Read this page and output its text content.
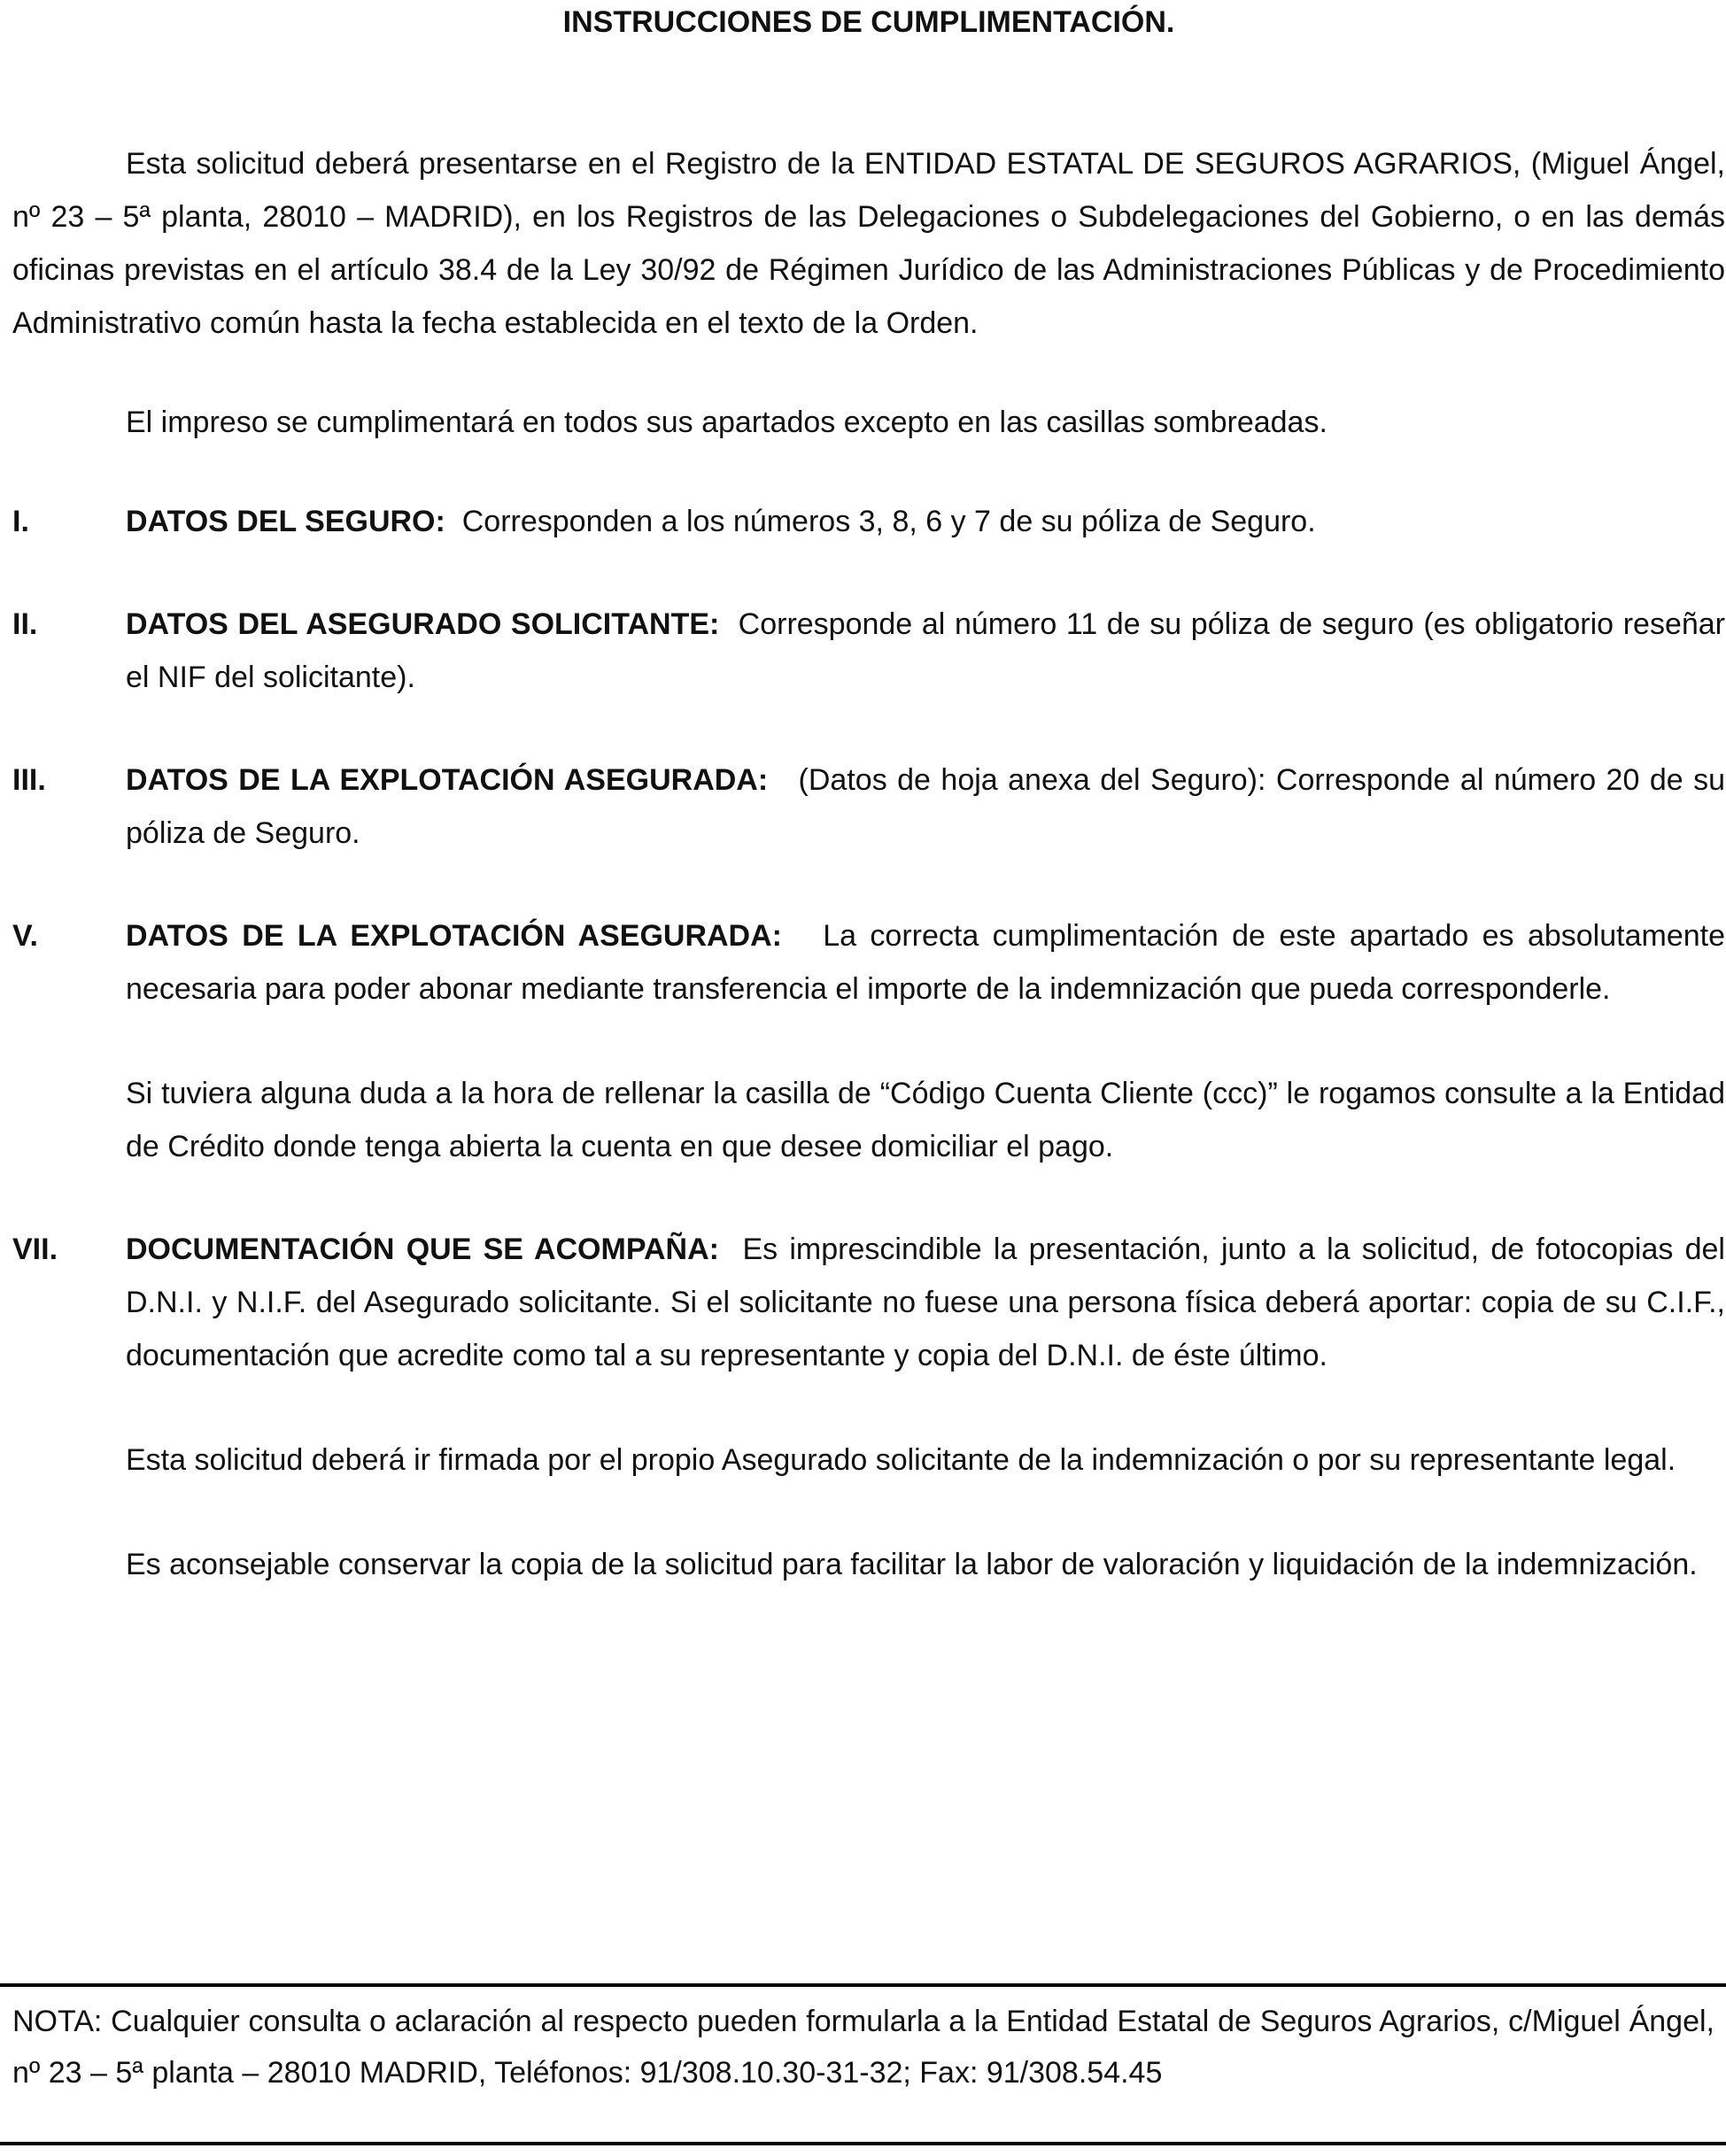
INSTRUCCIONES DE CUMPLIMENTACIÓN.
Esta solicitud deberá presentarse en el Registro de la ENTIDAD ESTATAL DE SEGUROS AGRARIOS, (Miguel Ángel, nº 23 – 5ª planta, 28010 – MADRID), en los Registros de las Delegaciones o Subdelegaciones del Gobierno, o en las demás oficinas previstas en el artículo 38.4 de la Ley 30/92 de Régimen Jurídico de las Administraciones Públicas y de Procedimiento Administrativo común hasta la fecha establecida en el texto de la Orden.
El impreso se cumplimentará en todos sus apartados excepto en las casillas sombreadas.
I.	DATOS DEL SEGURO: Corresponden a los números 3, 8, 6 y 7 de su póliza de Seguro.
II.	DATOS DEL ASEGURADO SOLICITANTE: Corresponde al número 11 de su póliza de seguro (es obligatorio reseñar el NIF del solicitante).
III.	DATOS DE LA EXPLOTACIÓN ASEGURADA: (Datos de hoja anexa del Seguro): Corresponde al número 20 de su póliza de Seguro.
V.	DATOS DE LA EXPLOTACIÓN ASEGURADA: La correcta cumplimentación de este apartado es absolutamente necesaria para poder abonar mediante transferencia el importe de la indemnización que pueda corresponderle.
Si tuviera alguna duda a la hora de rellenar la casilla de “Código Cuenta Cliente (ccc)” le rogamos consulte a la Entidad de Crédito donde tenga abierta la cuenta en que desee domiciliar el pago.
VII.	DOCUMENTACIÓN QUE SE ACOMPAÑA: Es imprescindible la presentación, junto a la solicitud, de fotocopias del D.N.I. y N.I.F. del Asegurado solicitante. Si el solicitante no fuese una persona física deberá aportar: copia de su C.I.F., documentación que acredite como tal a su representante y copia del D.N.I. de éste último.
Esta solicitud deberá ir firmada por el propio Asegurado solicitante de la indemnización o por su representante legal.
Es aconsejable conservar la copia de la solicitud para facilitar la labor de valoración y liquidación de la indemnización.
NOTA: Cualquier consulta o aclaración al respecto pueden formularla a la Entidad Estatal de Seguros Agrarios, c/Miguel Ángel, nº 23 – 5ª planta – 28010 MADRID, Teléfonos: 91/308.10.30-31-32; Fax: 91/308.54.45
